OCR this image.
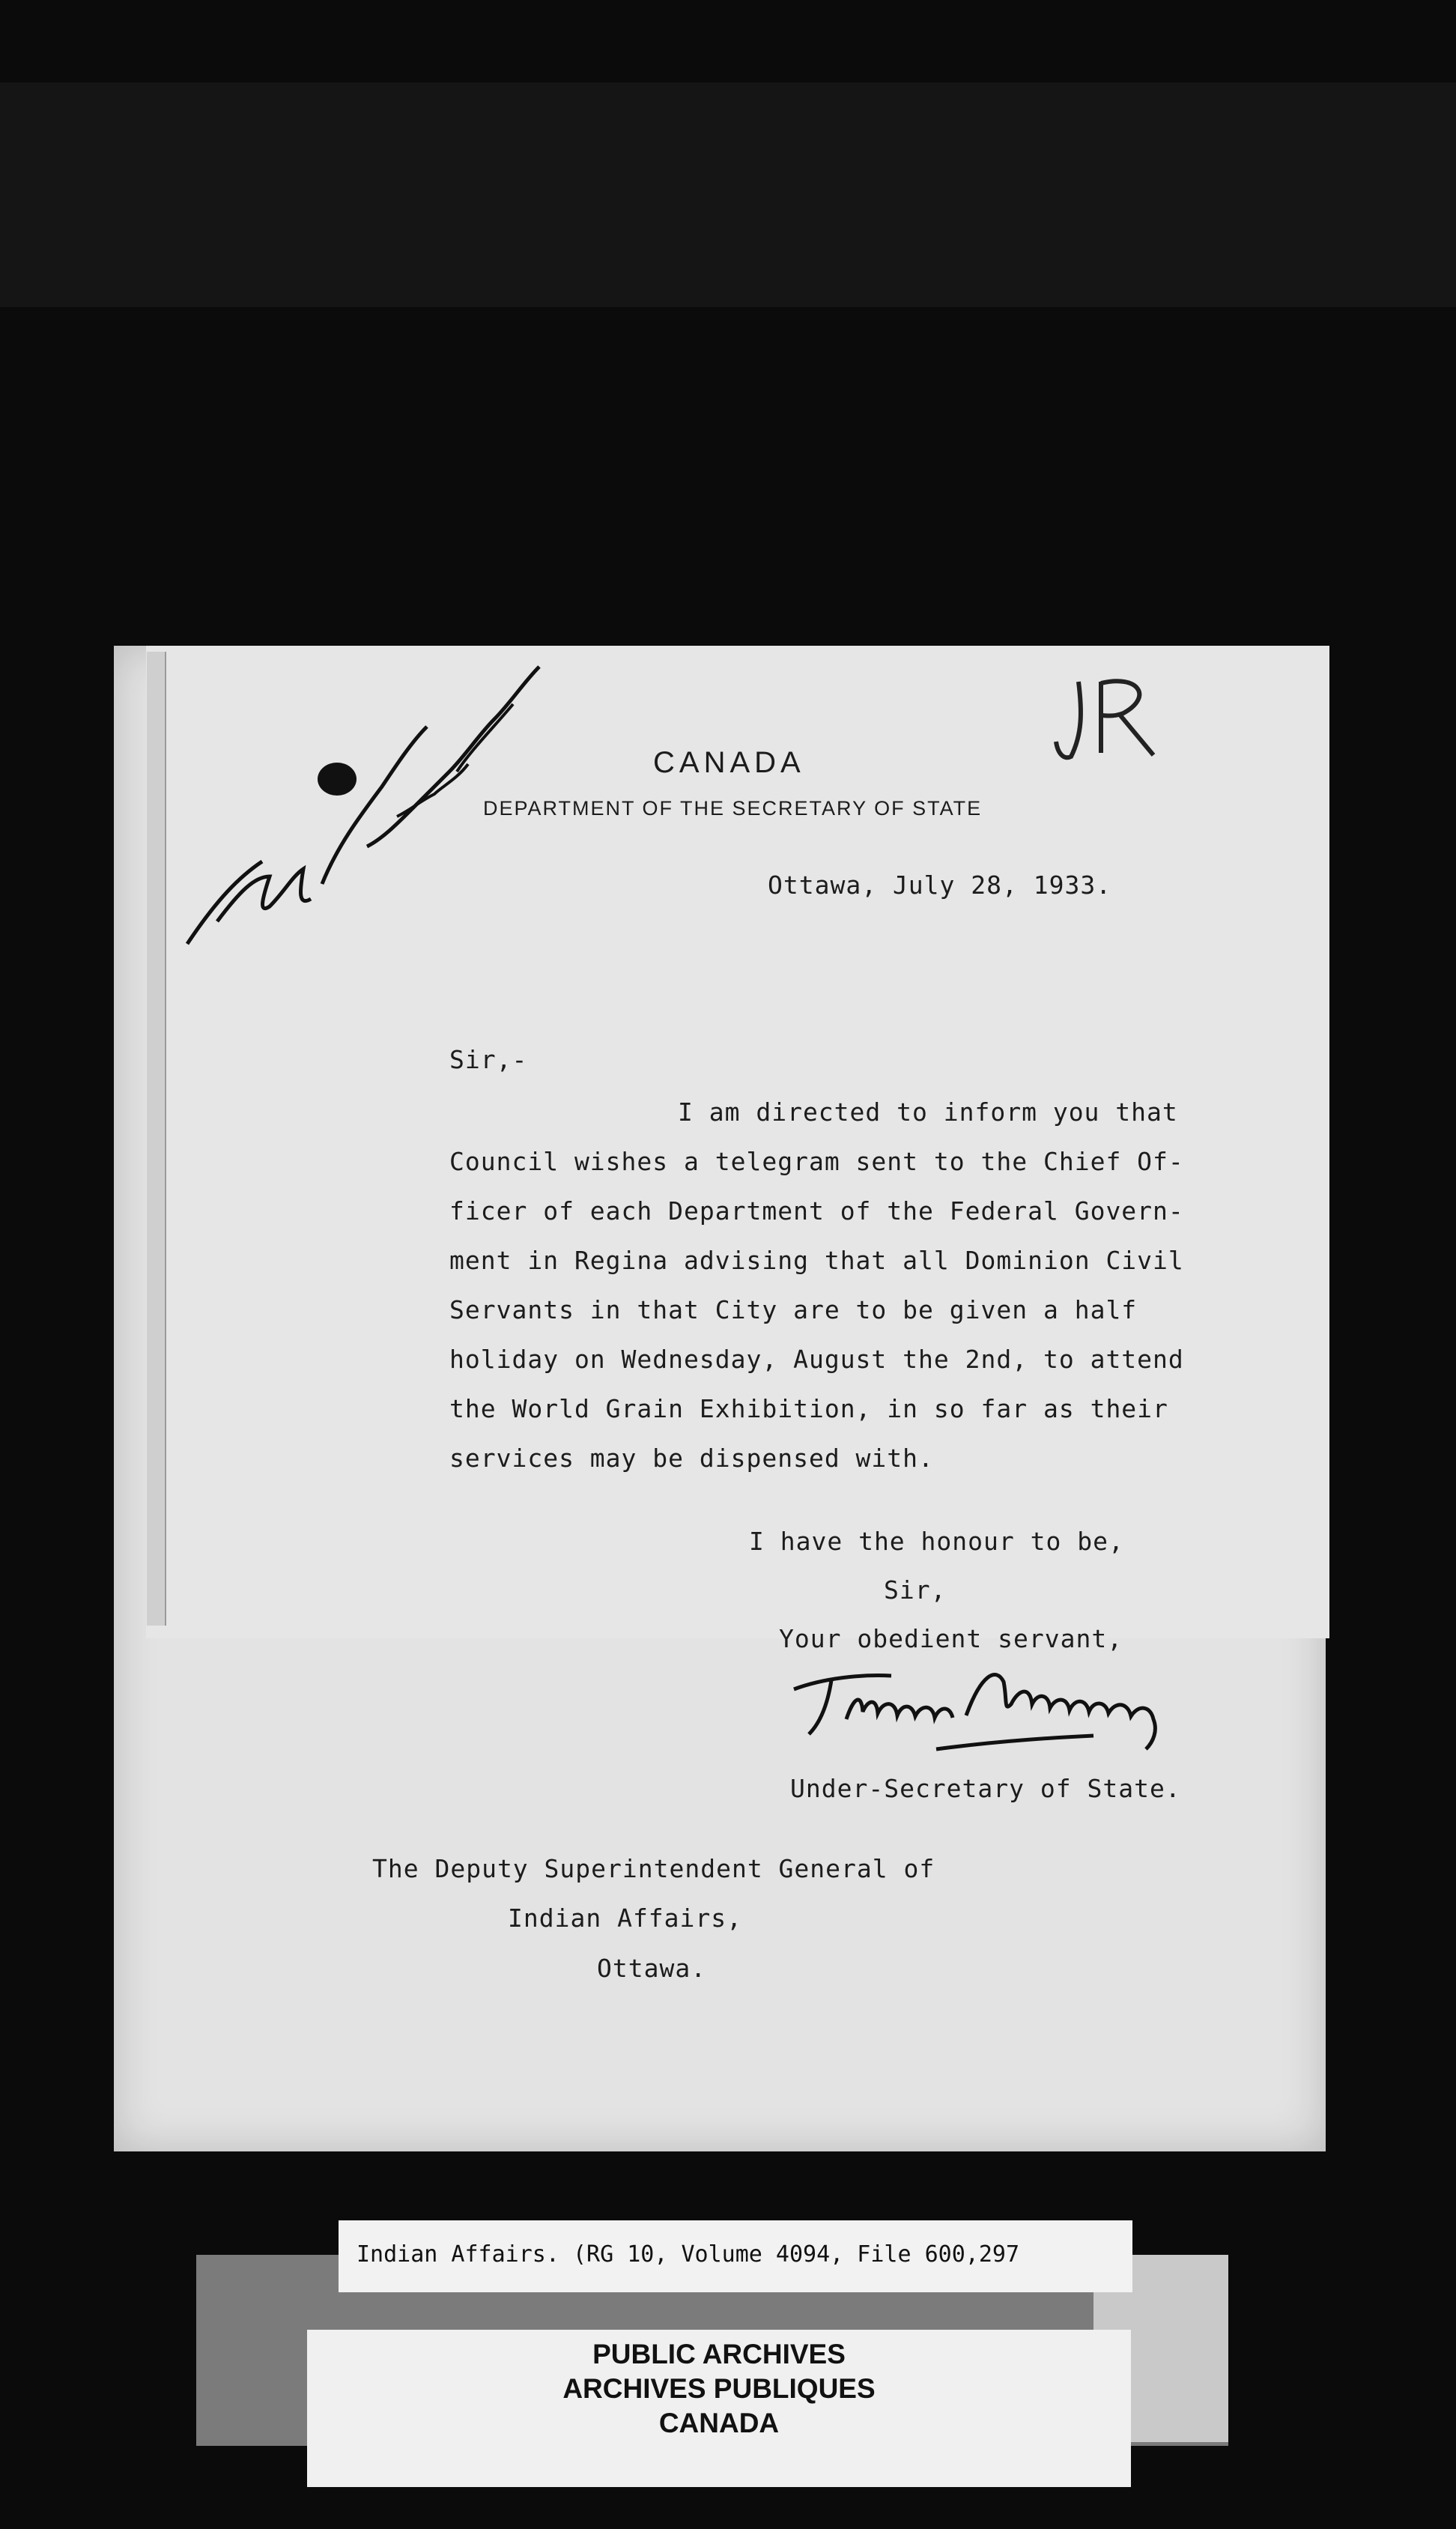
CANADA
DEPARTMENT OF THE SECRETARY OF STATE
Ottawa, July 28, 1933.
Sir,-
I am directed to inform you that
Council wishes a telegram sent to the Chief Of-
ficer of each Department of the Federal Govern-
ment in Regina advising that all Dominion Civil
Servants in that City are to be given a half
holiday on Wednesday, August the 2nd, to attend
the World Grain Exhibition, in so far as their
services may be dispensed with.
I have the honour to be,
Sir,
Your obedient servant,
Under-Secretary of State.
The Deputy Superintendent General of
Indian Affairs,
Ottawa.
Indian Affairs. (RG 10, Volume 4094, File 600,297
PUBLIC ARCHIVES
ARCHIVES PUBLIQUES
CANADA
